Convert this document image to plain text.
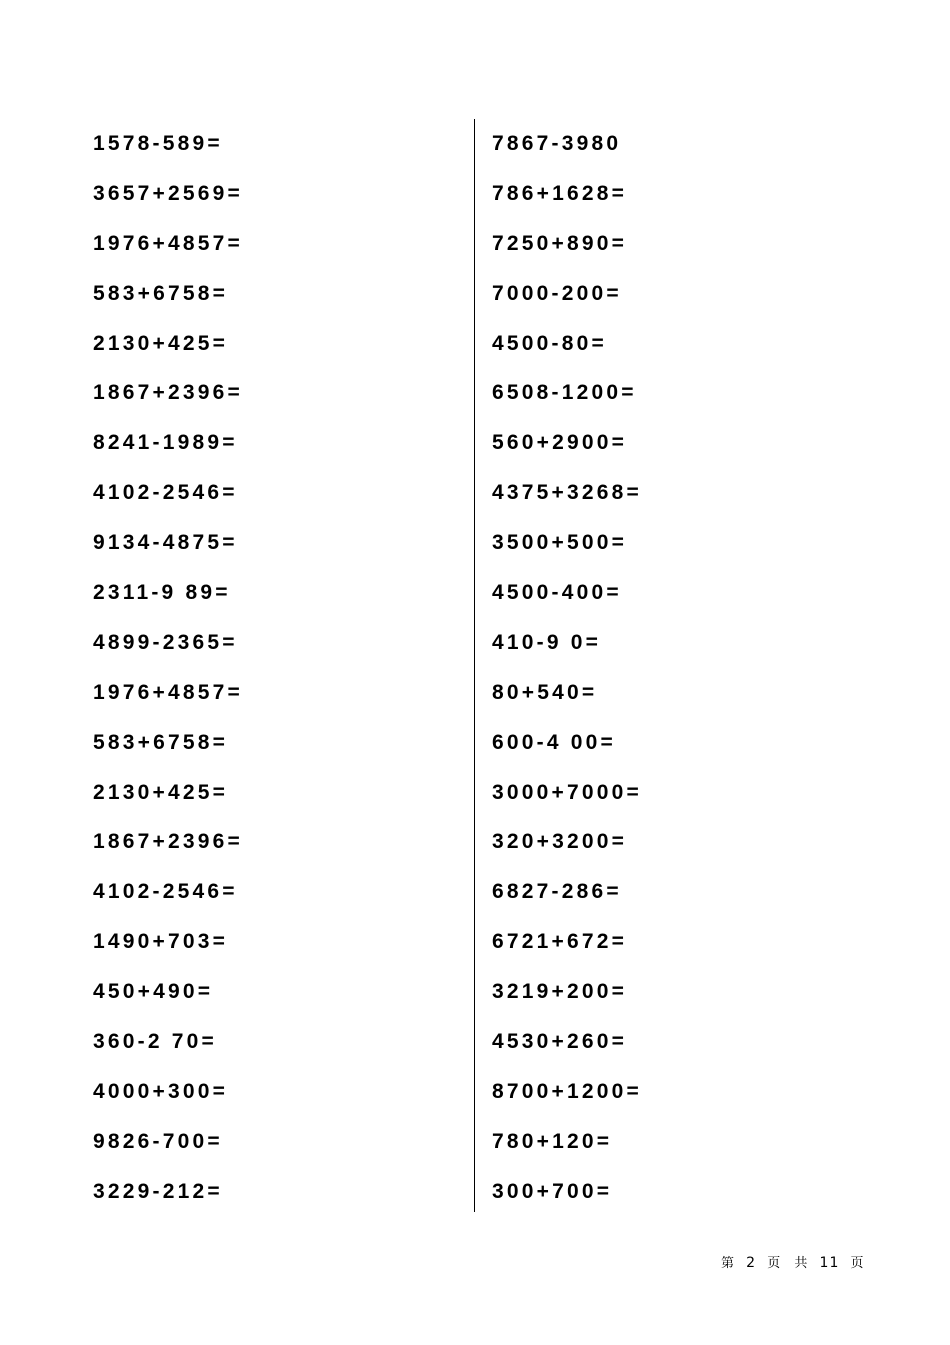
1578-589=
3657+2569=
1976+4857=
583+6758=
2130+425=
1867+2396=
8241-1989=
4102-2546=
9134-4875=
2311-9 89=
4899-2365=
1976+4857=
583+6758=
2130+425=
1867+2396=
4102-2546=
1490+703=
450+490=
360-2 70=
4000+300=
9826-700=
3229-212=
7867-3980
786+1628=
7250+890=
7000-200=
4500-80=
6508-1200=
560+2900=
4375+3268=
3500+500=
4500-400=
410-9 0=
80+540=
600-4 00=
3000+7000=
320+3200=
6827-286=
6721+672=
3219+200=
4530+260=
8700+1200=
780+120=
300+700=
第 2 页 共 11 页
